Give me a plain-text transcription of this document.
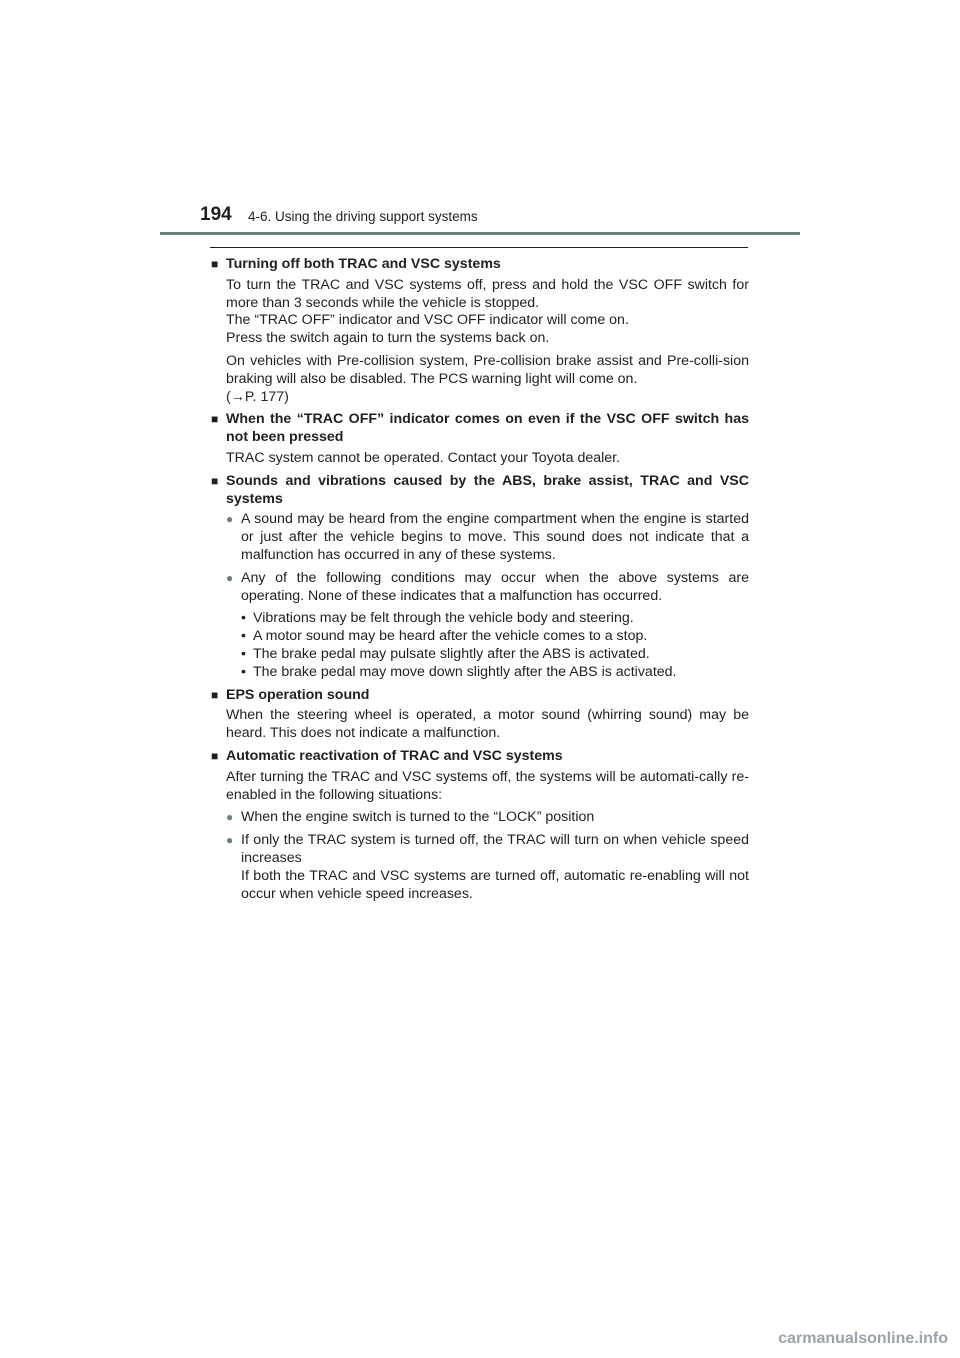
194 4-6. Using the driving support systems
■ Turning off both TRAC and VSC systems
To turn the TRAC and VSC systems off, press and hold the VSC OFF switch for more than 3 seconds while the vehicle is stopped.
The “TRAC OFF” indicator and VSC OFF indicator will come on.
Press the switch again to turn the systems back on.
On vehicles with Pre-collision system, Pre-collision brake assist and Pre-colli-sion braking will also be disabled. The PCS warning light will come on.
(→P. 177)
■ When the “TRAC OFF” indicator comes on even if the VSC OFF switch has not been pressed
TRAC system cannot be operated. Contact your Toyota dealer.
■ Sounds and vibrations caused by the ABS, brake assist, TRAC and VSC systems
● A sound may be heard from the engine compartment when the engine is started or just after the vehicle begins to move. This sound does not indicate that a malfunction has occurred in any of these systems.
● Any of the following conditions may occur when the above systems are operating. None of these indicates that a malfunction has occurred.
• Vibrations may be felt through the vehicle body and steering.
• A motor sound may be heard after the vehicle comes to a stop.
• The brake pedal may pulsate slightly after the ABS is activated.
• The brake pedal may move down slightly after the ABS is activated.
■ EPS operation sound
When the steering wheel is operated, a motor sound (whirring sound) may be heard. This does not indicate a malfunction.
■ Automatic reactivation of TRAC and VSC systems
After turning the TRAC and VSC systems off, the systems will be automati-cally re-enabled in the following situations:
● When the engine switch is turned to the “LOCK” position
● If only the TRAC system is turned off, the TRAC will turn on when vehicle speed increases
If both the TRAC and VSC systems are turned off, automatic re-enabling will not occur when vehicle speed increases.
carmanualsonline.info
